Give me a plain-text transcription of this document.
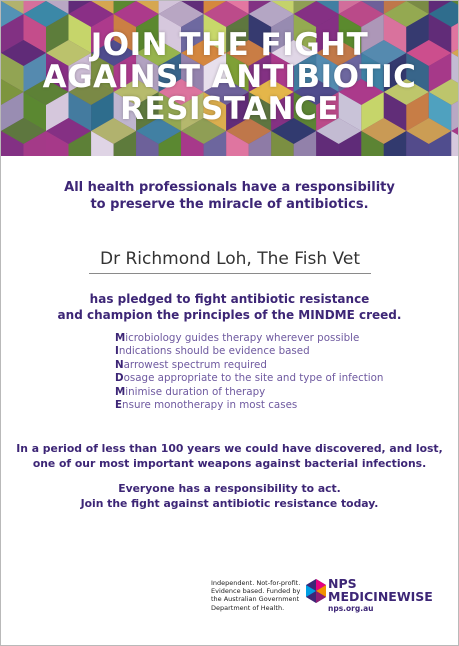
JOIN THE FIGHT
AGAINST ANTIBIOTIC
RESISTANCE
All health professionals have a responsibility
to preserve the miracle of antibiotics.
Dr Richmond Loh, The Fish Vet
has pledged to fight antibiotic resistance
and champion the principles of the MINDME creed.
Microbiology guides therapy wherever possible
Indications should be evidence based
Narrowest spectrum required
Dosage appropriate to the site and type of infection
Minimise duration of therapy
Ensure monotherapy in most cases
In a period of less than 100 years we could have discovered, and lost,
one of our most important weapons against bacterial infections.
Everyone has a responsibility to act.
Join the fight against antibiotic resistance today.
Independent. Not-for-profit.
Evidence based. Funded by
the Australian Government
Department of Health.
NPS
MEDICINEWISE
nps.org.au
